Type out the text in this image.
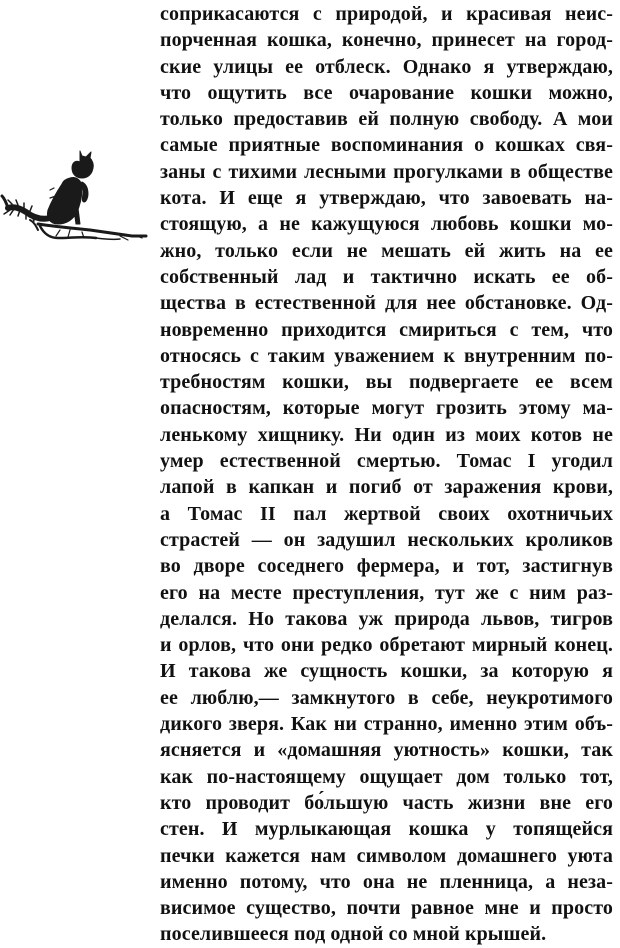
соприкасаются с природой, и красивая неис-
порченная кошка, конечно, принесет на город-
ские улицы ее отблеск. Однако я утверждаю,
что ощутить все очарование кошки можно,
только предоставив ей полную свободу. А мои
самые приятные воспоминания о кошках свя-
заны с тихими лесными прогулками в обществе
кота. И еще я утверждаю, что завоевать на-
стоящую, а не кажущуюся любовь кошки мо-
жно, только если не мешать ей жить на ее
собственный лад и тактично искать ее об-
щества в естественной для нее обстановке. Од-
новременно приходится смириться с тем, что
относясь с таким уважением к внутренним по-
требностям кошки, вы подвергаете ее всем
опасностям, которые могут грозить этому ма-
ленькому хищнику. Ни один из моих котов не
умер естественной смертью. Томас I угодил
лапой в капкан и погиб от заражения крови,
а Томас II пал жертвой своих охотничьих
страстей — он задушил нескольких кроликов
во дворе соседнего фермера, и тот, застигнув
его на месте преступления, тут же с ним раз-
делался. Но такова уж природа львов, тигров
и орлов, что они редко обретают мирный конец.
И такова же сущность кошки, за которую я
ее люблю,— замкнутого в себе, неукротимого
дикого зверя. Как ни странно, именно этим объ-
ясняется и «домашняя уютность» кошки, так
как по-настоящему ощущает дом только тот,
кто проводит бо́льшую часть жизни вне его
стен. И мурлыкающая кошка у топящейся
печки кажется нам символом домашнего уюта
именно потому, что она не пленница, а неза-
висимое существо, почти равное мне и просто
поселившееся под одной со мной крышей.
